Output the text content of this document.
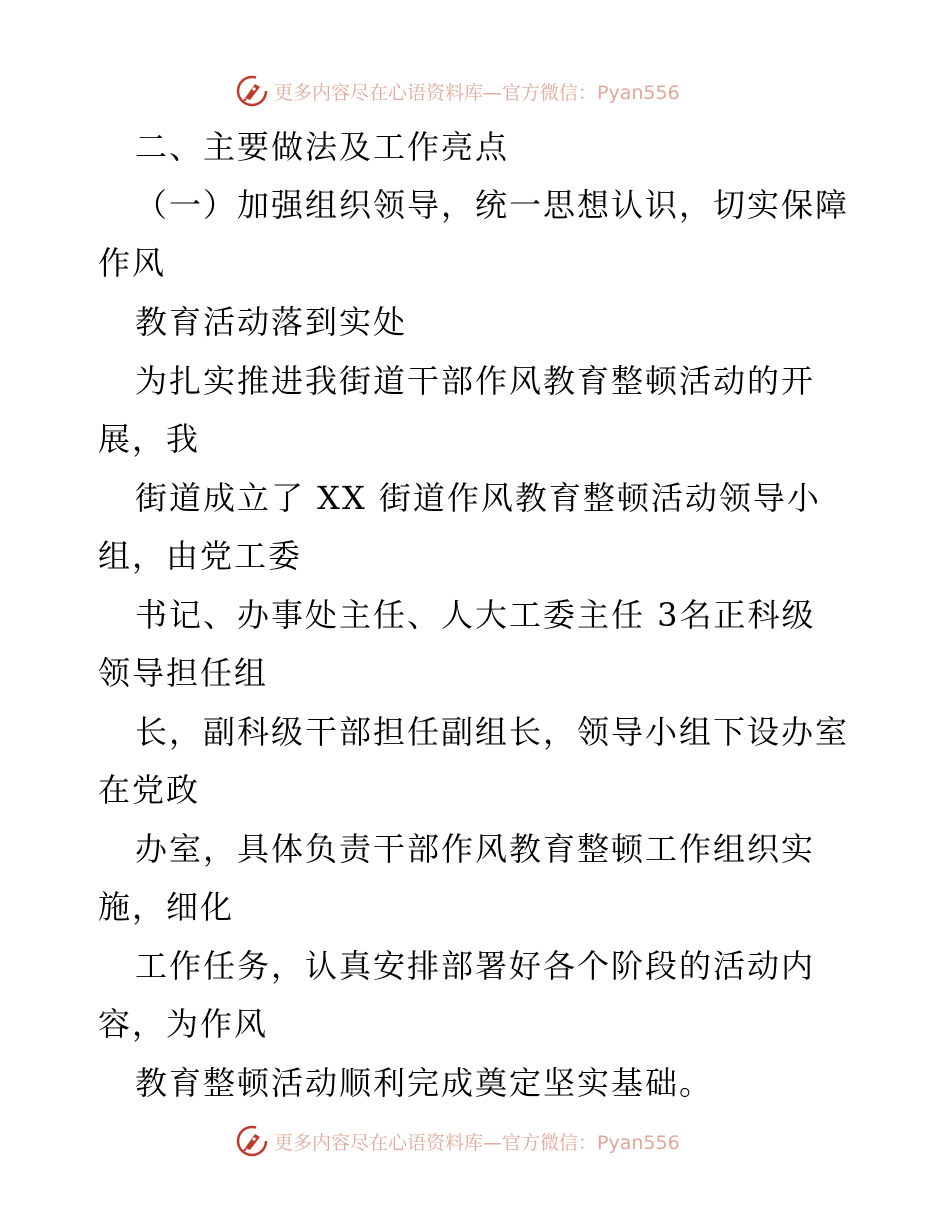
更多内容尽在心语资料库—官方微信：Pyan556
二、主要做法及工作亮点
（一）加强组织领导，统一思想认识，切实保障
作风
教育活动落到实处
为扎实推进我街道干部作风教育整顿活动的开
展，我
街道成立了 XX 街道作风教育整顿活动领导小
组，由党工委
书记、办事处主任、人大工委主任 3名正科级
领导担任组
长，副科级干部担任副组长，领导小组下设办室
在党政
办室，具体负责干部作风教育整顿工作组织实
施，细化
工作任务，认真安排部署好各个阶段的活动内
容，为作风
教育整顿活动顺利完成奠定坚实基础。
更多内容尽在心语资料库—官方微信：Pyan556
